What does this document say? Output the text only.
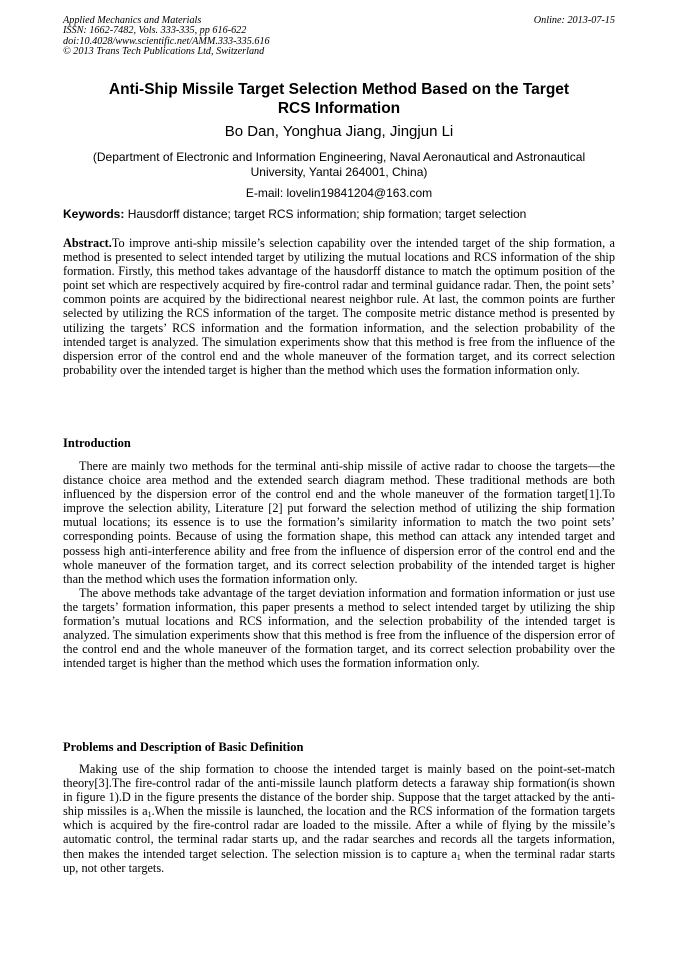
Applied Mechanics and Materials
ISSN: 1662-7482, Vols. 333-335, pp 616-622
doi:10.4028/www.scientific.net/AMM.333-335.616
© 2013 Trans Tech Publications Ltd, Switzerland
Online: 2013-07-15
Anti-Ship Missile Target Selection Method Based on the Target
RCS Information
Bo Dan, Yonghua Jiang, Jingjun Li
(Department of Electronic and Information Engineering, Naval Aeronautical and Astronautical
University, Yantai 264001, China)
E-mail: lovelin19841204@163.com
Keywords: Hausdorff distance; target RCS information; ship formation; target selection
Abstract.To improve anti-ship missile’s selection capability over the intended target of the ship formation, a method is presented to select intended target by utilizing the mutual locations and RCS information of the ship formation. Firstly, this method takes advantage of the hausdorff distance to match the optimum position of the point set which are respectively acquired by fire-control radar and terminal guidance radar. Then, the point sets’ common points are acquired by the bidirectional nearest neighbor rule. At last, the common points are further selected by utilizing the RCS information of the target. The composite metric distance method is presented by utilizing the targets’ RCS information and the formation information, and the selection probability of the intended target is analyzed. The simulation experiments show that this method is free from the influence of the dispersion error of the control end and the whole maneuver of the formation target, and its correct selection probability over the intended target is higher than the method which uses the formation information only.
Introduction

There are mainly two methods for the terminal anti-ship missile of active radar to choose the targets—the distance choice area method and the extended search diagram method. These traditional methods are both influenced by the dispersion error of the control end and the whole maneuver of the formation target[1].To improve the selection ability, Literature [2] put forward the selection method of utilizing the ship formation mutual locations; its essence is to use the formation’s similarity information to match the two point sets’ corresponding points. Because of using the formation shape, this method can attack any intended target and possess high anti-interference ability and free from the influence of dispersion error of the control end and the whole maneuver of the formation target, and its correct selection probability of the intended target is higher than the method which uses the formation information only.

The above methods take advantage of the target deviation information and formation information or just use the targets’ formation information, this paper presents a method to select intended target by utilizing the ship formation’s mutual locations and RCS information, and the selection probability of the intended target is analyzed. The simulation experiments show that this method is free from the influence of the dispersion error of the control end and the whole maneuver of the formation target, and its correct selection probability over the intended target is higher than the method which uses the formation information only.

Problems and Description of Basic Definition

Making use of the ship formation to choose the intended target is mainly based on the point-set-match theory[3].The fire-control radar of the anti-missile launch platform detects a faraway ship formation(is shown in figure 1).D in the figure presents the distance of the border ship. Suppose that the target attacked by the anti-ship missiles is $a_1.When$ the missile is launched, the location and the RCS information of the formation targets which is acquired by the fire-control radar are loaded to the missile. After a while of flying by the missile’s automatic control, the terminal radar starts up, and the radar searches and records all the targets information, then makes the intended target selection. The selection mission is to capture $a_1$ when the terminal radar starts up, not other targets.
